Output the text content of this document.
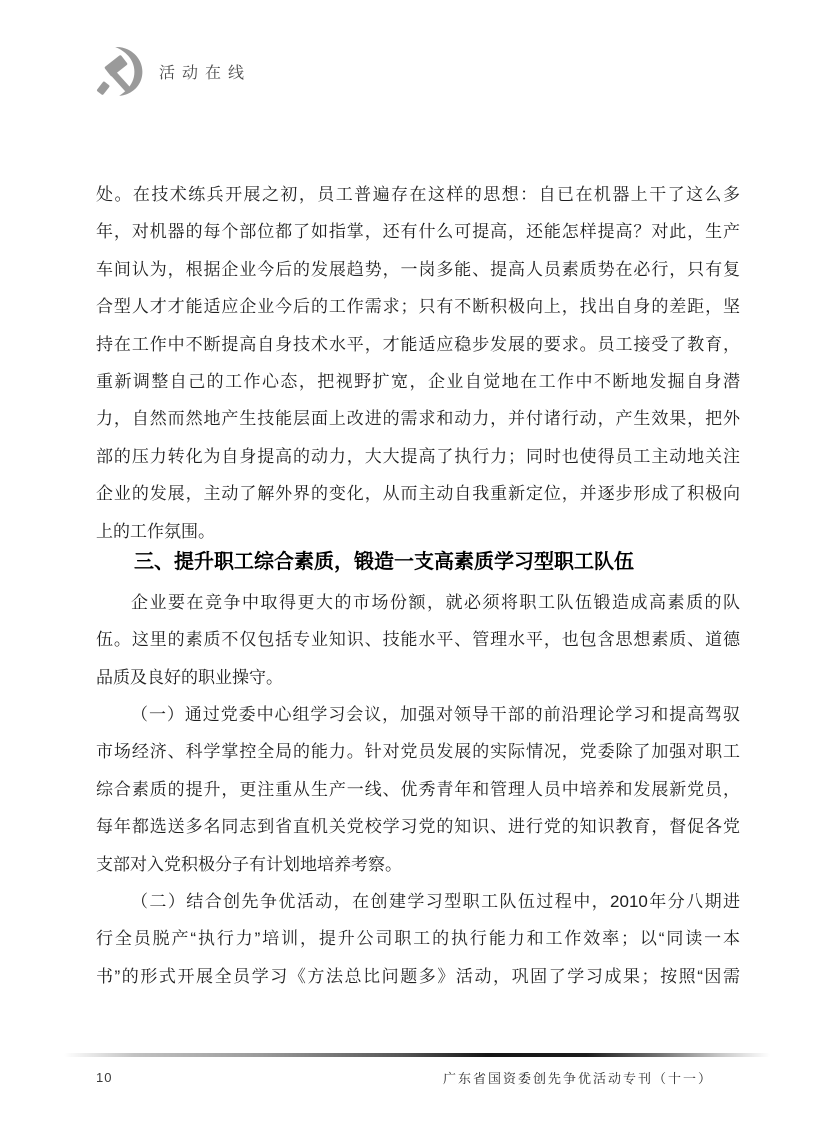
活动在线
处。在技术练兵开展之初，员工普遍存在这样的思想：自已在机器上干了这么多
年，对机器的每个部位都了如指掌，还有什么可提高，还能怎样提高？对此，生产
车间认为，根据企业今后的发展趋势，一岗多能、提高人员素质势在必行，只有复
合型人才才能适应企业今后的工作需求；只有不断积极向上，找出自身的差距，坚
持在工作中不断提高自身技术水平，才能适应稳步发展的要求。员工接受了教育，
重新调整自己的工作心态，把视野扩宽，企业自觉地在工作中不断地发掘自身潜
力，自然而然地产生技能层面上改进的需求和动力，并付诸行动，产生效果，把外
部的压力转化为自身提高的动力，大大提高了执行力；同时也使得员工主动地关注
企业的发展，主动了解外界的变化，从而主动自我重新定位，并逐步形成了积极向
上的工作氛围。
三、提升职工综合素质，锻造一支高素质学习型职工队伍
企业要在竞争中取得更大的市场份额，就必须将职工队伍锻造成高素质的队
伍。这里的素质不仅包括专业知识、技能水平、管理水平，也包含思想素质、道德
品质及良好的职业操守。
（一）通过党委中心组学习会议，加强对领导干部的前沿理论学习和提高驾驭
市场经济、科学掌控全局的能力。针对党员发展的实际情况，党委除了加强对职工
综合素质的提升，更注重从生产一线、优秀青年和管理人员中培养和发展新党员，
每年都选送多名同志到省直机关党校学习党的知识、进行党的知识教育，督促各党
支部对入党积极分子有计划地培养考察。
（二）结合创先争优活动，在创建学习型职工队伍过程中，2010年分八期进
行全员脱产“执行力”培训，提升公司职工的执行能力和工作效率；以“同读一本
书”的形式开展全员学习《方法总比问题多》活动，巩固了学习成果；按照“因需
10	广东省国资委创先争优活动专刊（十一）
